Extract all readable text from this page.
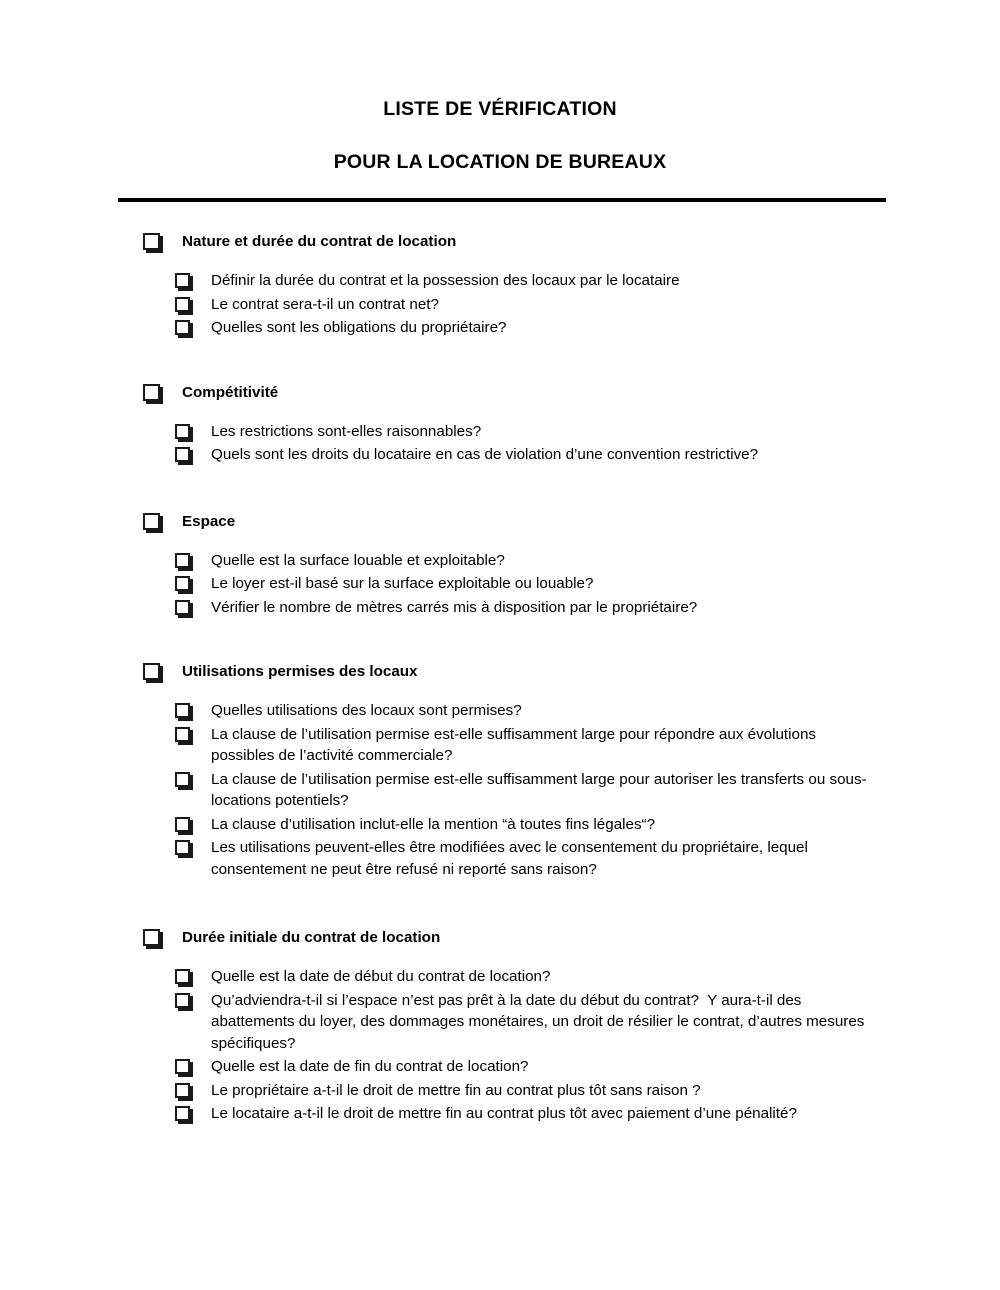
LISTE DE VÉRIFICATION
POUR LA LOCATION DE BUREAUX
Nature et durée du contrat de location
Définir la durée du contrat et la possession des locaux par le locataire
Le contrat sera-t-il un contrat net?
Quelles sont les obligations du propriétaire?
Compétitivité
Les restrictions sont-elles raisonnables?
Quels sont les droits du locataire en cas de violation d’une convention restrictive?
Espace
Quelle est la surface louable et exploitable?
Le loyer est-il basé sur la surface exploitable ou louable?
Vérifier le nombre de mètres carrés mis à disposition par le propriétaire?
Utilisations permises des locaux
Quelles utilisations des locaux sont permises?
La clause de l’utilisation permise est-elle suffisamment large pour répondre aux évolutions possibles de l’activité commerciale?
La clause de l’utilisation permise est-elle suffisamment large pour autoriser les transferts ou sous-locations potentiels?
La clause d’utilisation inclut-elle la mention “à toutes fins légales“?
Les utilisations peuvent-elles être modifiées avec le consentement du propriétaire, lequel consentement ne peut être refusé ni reporté sans raison?
Durée initiale du contrat de location
Quelle est la date de début du contrat de location?
Qu’adviendra-t-il si l’espace n’est pas prêt à la date du début du contrat?  Y aura-t-il des abattements du loyer, des dommages monétaires, un droit de résilier le contrat, d’autres mesures spécifiques?
Quelle est la date de fin du contrat de location?
Le propriétaire a-t-il le droit de mettre fin au contrat plus tôt sans raison ?
Le locataire a-t-il le droit de mettre fin au contrat plus tôt avec paiement d’une pénalité?
